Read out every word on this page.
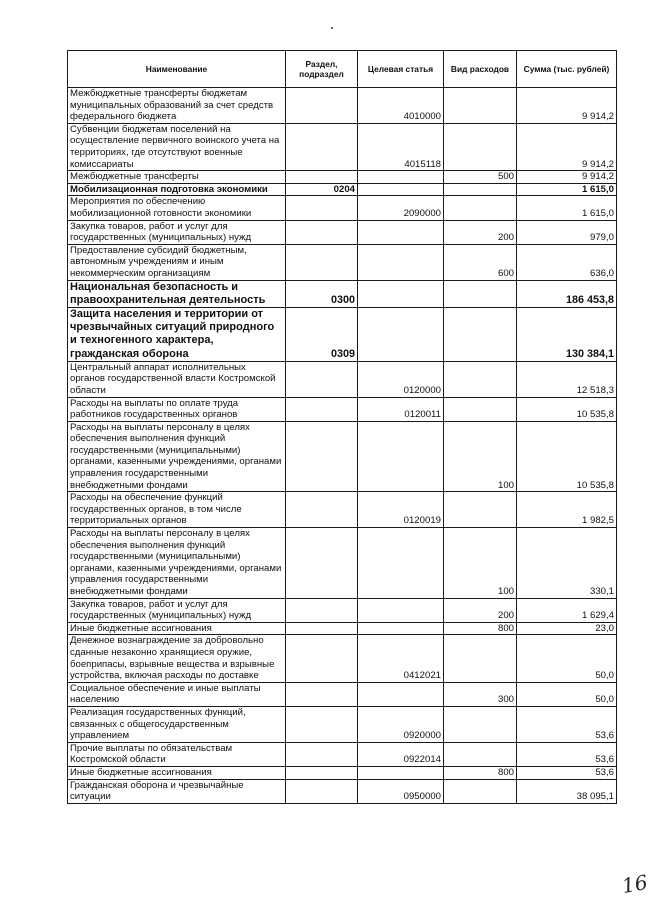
Наименование	Раздел, подраздел	Целевая статья	Вид расходов	Сумма (тыс. рублей)
Межбюджетные трансферты бюджетам муниципальных образований за счет средств федерального бюджета		4010000		9 914,2
Субвенции бюджетам поселений на осуществление первичного воинского учета на территориях, где отсутствуют военные комиссариаты		4015118		9 914,2
Межбюджетные трансферты			500	9 914,2
Мобилизационная подготовка экономики	0204			1 615,0
Мероприятия по обеспечению мобилизационной готовности экономики		2090000		1 615,0
Закупка товаров, работ и услуг для государственных (муниципальных) нужд			200	979,0
Предоставление субсидий бюджетным, автономным учреждениям и иным некоммерческим организациям			600	636,0
Национальная безопасность и правоохранительная деятельность	0300			186 453,8
Защита населения и территории от чрезвычайных ситуаций природного и техногенного характера, гражданская оборона	0309			130 384,1
Центральный аппарат исполнительных органов государственной власти Костромской области		0120000		12 518,3
Расходы на выплаты по оплате труда работников государственных органов		0120011		10 535,8
Расходы на выплаты персоналу в целях обеспечения выполнения функций государственными (муниципальными) органами, казенными учреждениями, органами управления государственными внебюджетными фондами			100	10 535,8
Расходы на обеспечение функций государственных органов, в том числе территориальных органов		0120019		1 982,5
Расходы на выплаты персоналу в целях обеспечения выполнения функций государственными (муниципальными) органами, казенными учреждениями, органами управления государственными внебюджетными фондами			100	330,1
Закупка товаров, работ и услуг для государственных (муниципальных) нужд			200	1 629,4
Иные бюджетные ассигнования			800	23,0
Денежное вознаграждение за добровольно сданные незаконно хранящиеся оружие, боеприпасы, взрывные вещества и взрывные устройства, включая расходы по доставке		0412021		50,0
Социальное обеспечение и иные выплаты населению			300	50,0
Реализация государственных функций, связанных с общегосударственным управлением		0920000		53,6
Прочие выплаты по обязательствам Костромской области		0922014		53,6
Иные бюджетные ассигнования			800	53,6
Гражданская оборона и чрезвычайные ситуации		0950000		38 095,1
16
